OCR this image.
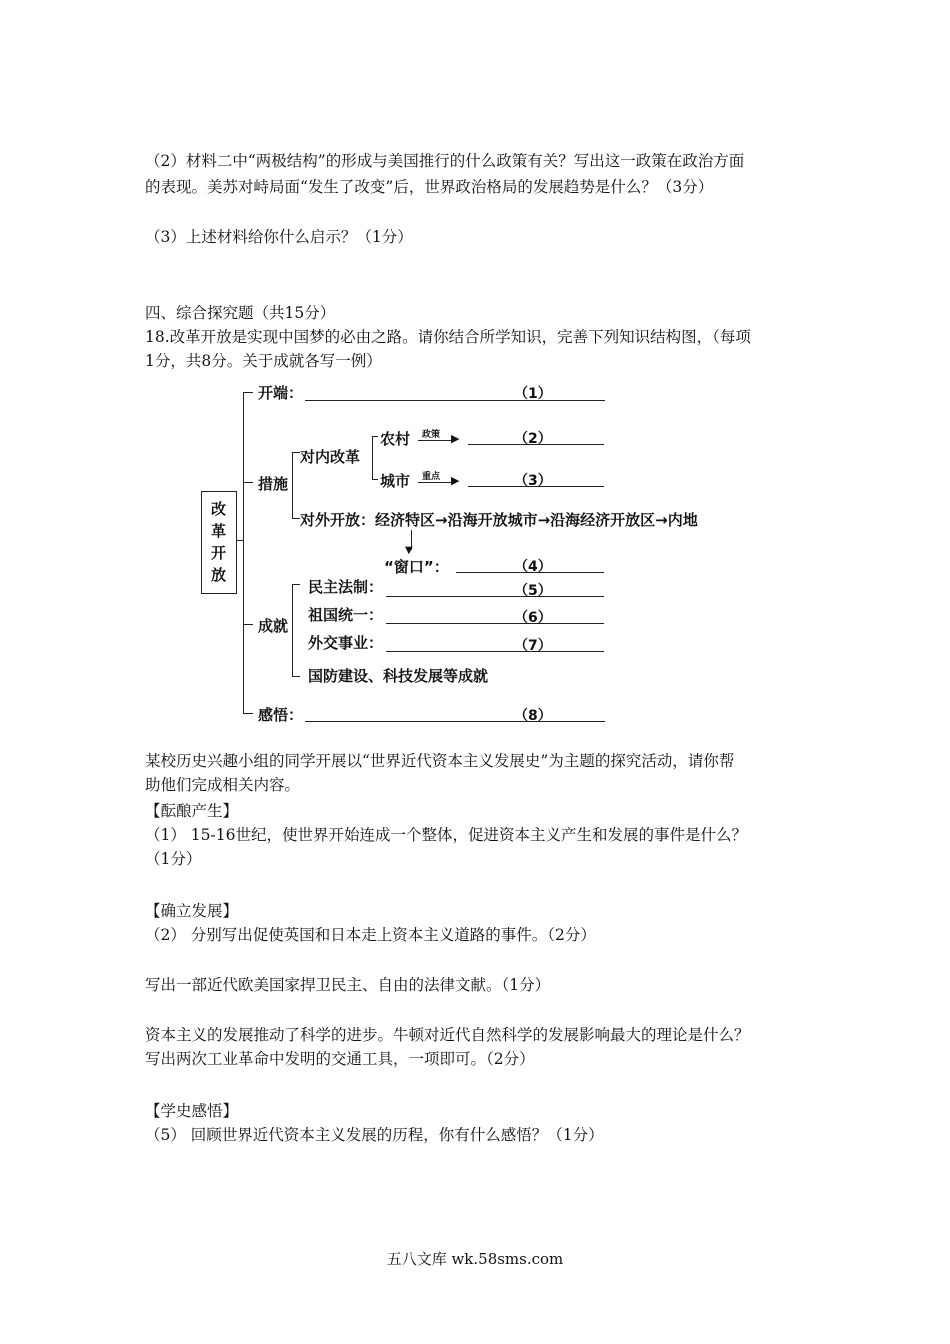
（2）材料二中“两极结构”的形成与美国推行的什么政策有关？写出这一政策在政治方面
的表现。美苏对峙局面“发生了改变”后，世界政治格局的发展趋势是什么？（3分）
（3）上述材料给你什么启示？（1分）
四、综合探究题（共15分）
18.改革开放是实现中国梦的必由之路。请你结合所学知识，完善下列知识结构图，（每项
1分，共8分。关于成就各写一例）
改
革
开
放
开端：	（1）
措施
对内改革
农村 政策 ▶	（2）
城市 重点 ▶	（3）
对外开放：经济特区→沿海开放城市→沿海经济开放区→内地
▼
“窗口”：	（4）
成就
民主法制：	（5）
祖国统一：	（6）
外交事业：	（7）
国防建设、科技发展等成就
感悟：	（8）
某校历史兴趣小组的同学开展以“世界近代资本主义发展史”为主题的探究活动，请你帮
助他们完成相关内容。
【酝酿产生】
（1） 15-16世纪，使世界开始连成一个整体，促进资本主义产生和发展的事件是什么？
（1分）
【确立发展】
（2） 分别写出促使英国和日本走上资本主义道路的事件。（2分）
写出一部近代欧美国家捍卫民主、自由的法律文献。（1分）
资本主义的发展推动了科学的进步。牛顿对近代自然科学的发展影响最大的理论是什么？
写出两次工业革命中发明的交通工具，一项即可。（2分）
【学史感悟】
（5） 回顾世界近代资本主义发展的历程，你有什么感悟？（1分）
五八文库 wk.58sms.com
